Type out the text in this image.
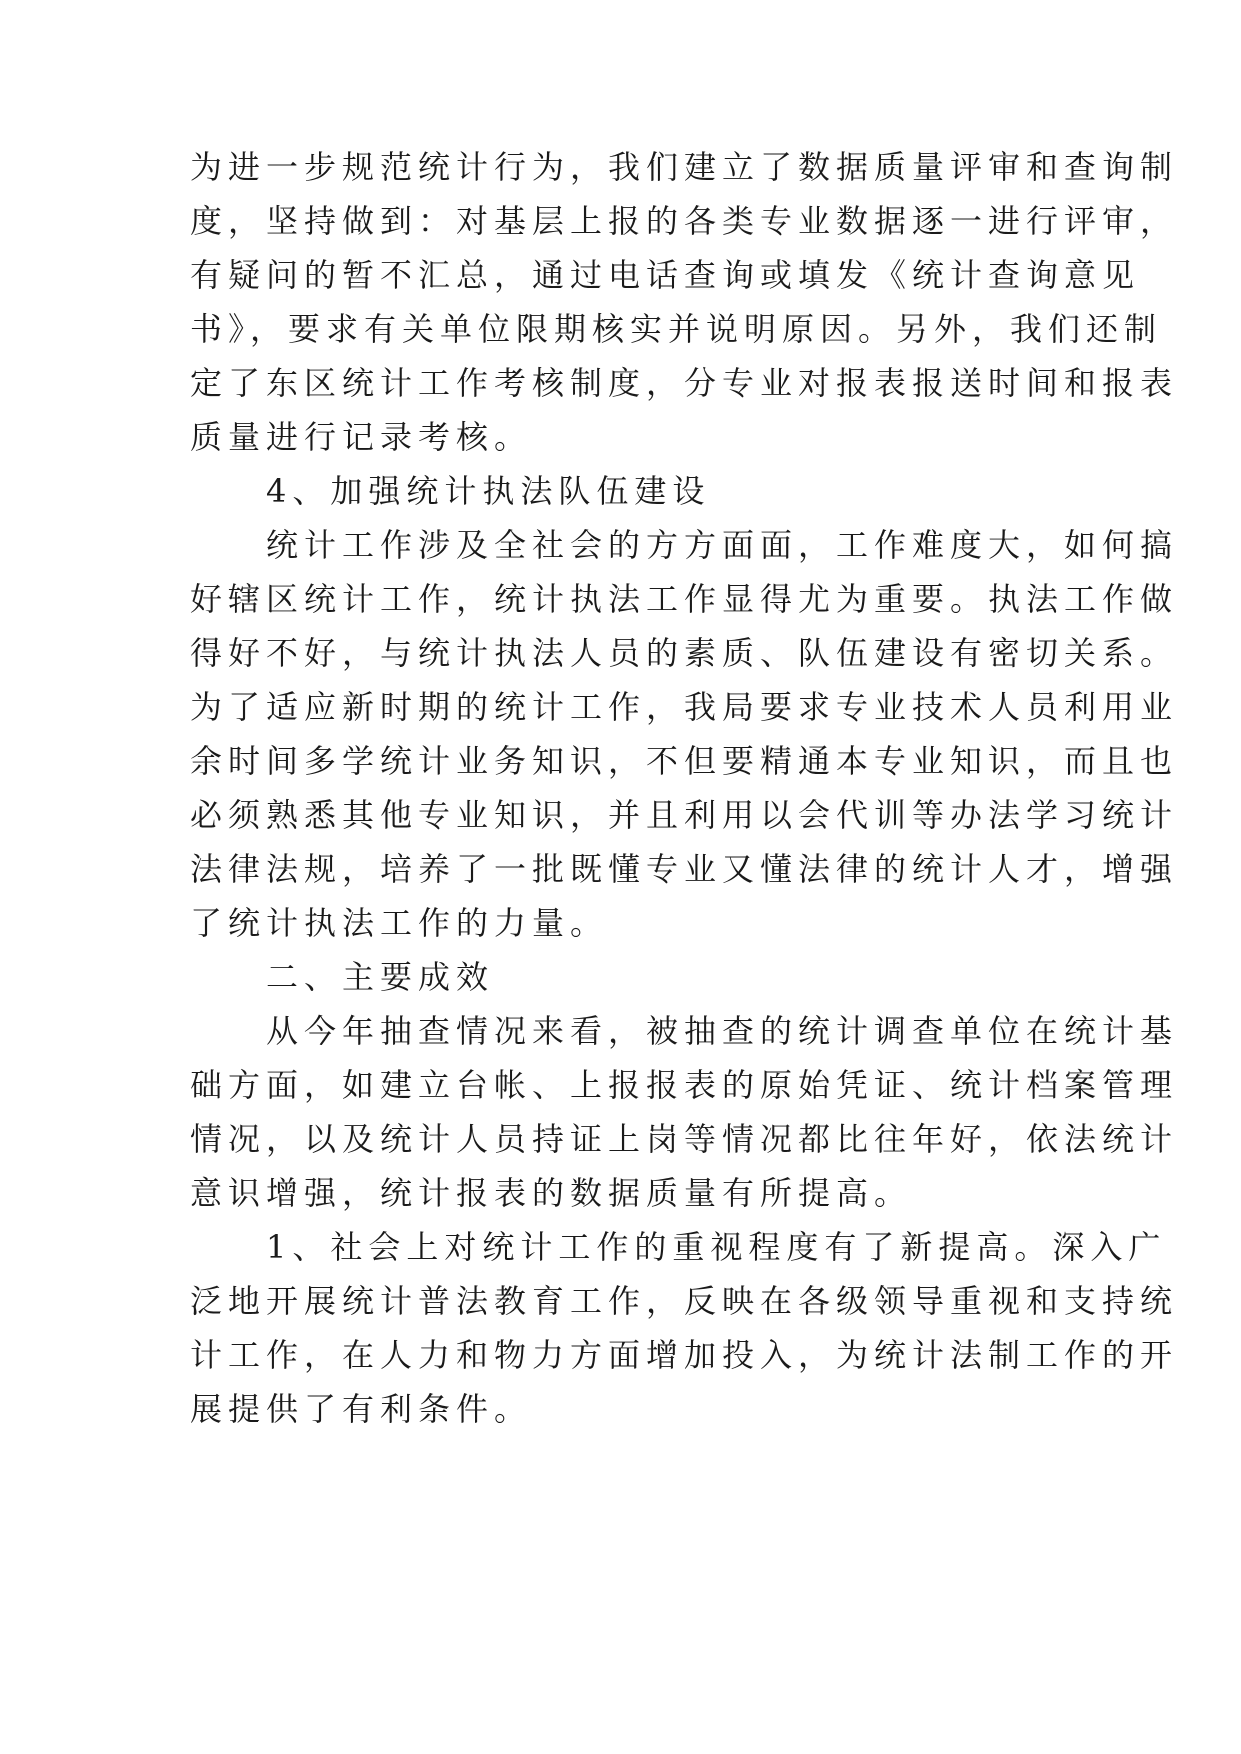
为进一步规范统计行为，我们建立了数据质量评审和查询制

度，坚持做到：对基层上报的各类专业数据逐一进行评审，

有疑问的暂不汇总，通过电话查询或填发《统计查询意见

书》，要求有关单位限期核实并说明原因。另外，我们还制

定了东区统计工作考核制度，分专业对报表报送时间和报表

质量进行记录考核。

　　4、加强统计执法队伍建设

　　统计工作涉及全社会的方方面面，工作难度大，如何搞

好辖区统计工作，统计执法工作显得尤为重要。执法工作做

得好不好，与统计执法人员的素质、队伍建设有密切关系。

为了适应新时期的统计工作，我局要求专业技术人员利用业

余时间多学统计业务知识，不但要精通本专业知识，而且也

必须熟悉其他专业知识，并且利用以会代训等办法学习统计

法律法规，培养了一批既懂专业又懂法律的统计人才，增强

了统计执法工作的力量。

　　二、主要成效

　　从今年抽查情况来看，被抽查的统计调查单位在统计基

础方面，如建立台帐、上报报表的原始凭证、统计档案管理

情况，以及统计人员持证上岗等情况都比往年好，依法统计

意识增强，统计报表的数据质量有所提高。

　　1、社会上对统计工作的重视程度有了新提高。深入广

泛地开展统计普法教育工作，反映在各级领导重视和支持统

计工作，在人力和物力方面增加投入，为统计法制工作的开

展提供了有利条件。
